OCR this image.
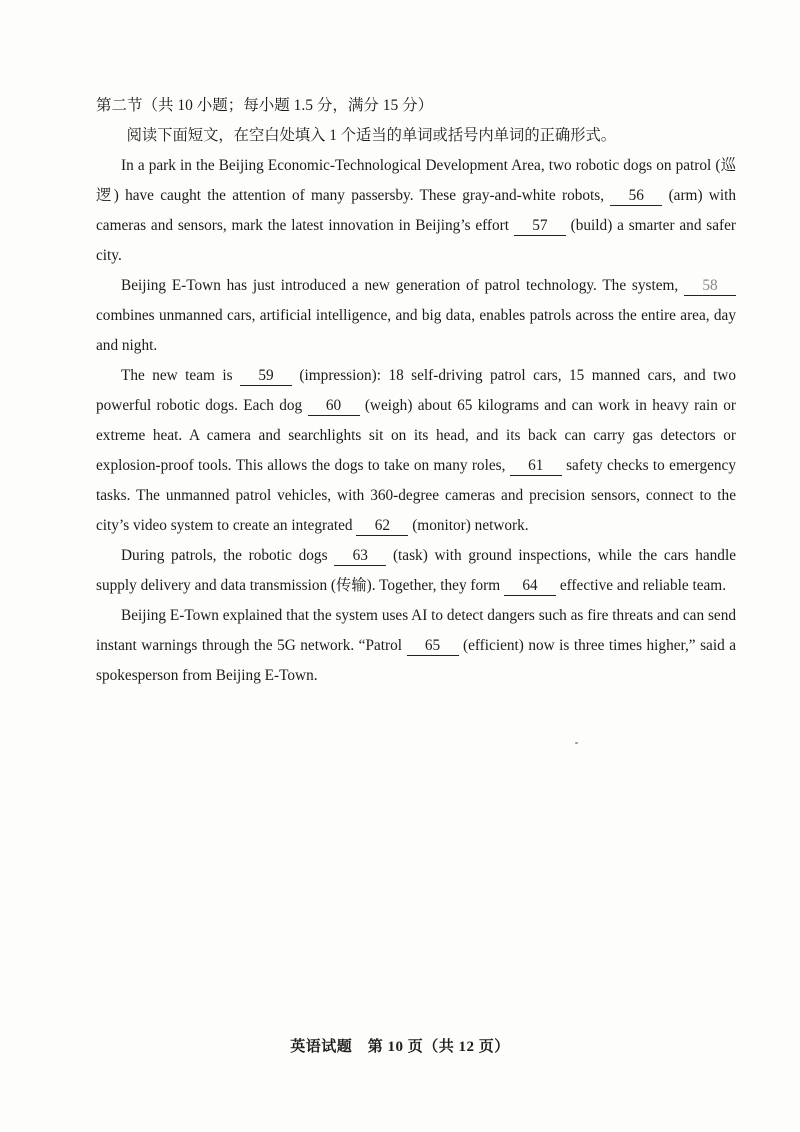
第二节（共 10 小题；每小题 1.5 分，满分 15 分）

阅读下面短文，在空白处填入 1 个适当的单词或括号内单词的正确形式。

In a park in the Beijing Economic-Technological Development Area, two robotic dogs on patrol (巡逻) have caught the attention of many passersby. These gray-and-white robots, 56 (arm) with cameras and sensors, mark the latest innovation in Beijing’s effort 57 (build) a smarter and safer city.

Beijing E-Town has just introduced a new generation of patrol technology. The system, 58 combines unmanned cars, artificial intelligence, and big data, enables patrols across the entire area, day and night.

The new team is 59 (impression): 18 self-driving patrol cars, 15 manned cars, and two powerful robotic dogs. Each dog 60 (weigh) about 65 kilograms and can work in heavy rain or extreme heat. A camera and searchlights sit on its head, and its back can carry gas detectors or explosion-proof tools. This allows the dogs to take on many roles, 61 safety checks to emergency tasks. The unmanned patrol vehicles, with 360-degree cameras and precision sensors, connect to the city’s video system to create an integrated 62 (monitor) network.

During patrols, the robotic dogs 63 (task) with ground inspections, while the cars handle supply delivery and data transmission (传输). Together, they form 64 effective and reliable team.

Beijing E-Town explained that the system uses AI to detect dangers such as fire threats and can send instant warnings through the 5G network. “Patrol 65 (efficient) now is three times higher,” said a spokesperson from Beijing E-Town.

英语试题　第 10 页（共 12 页）
